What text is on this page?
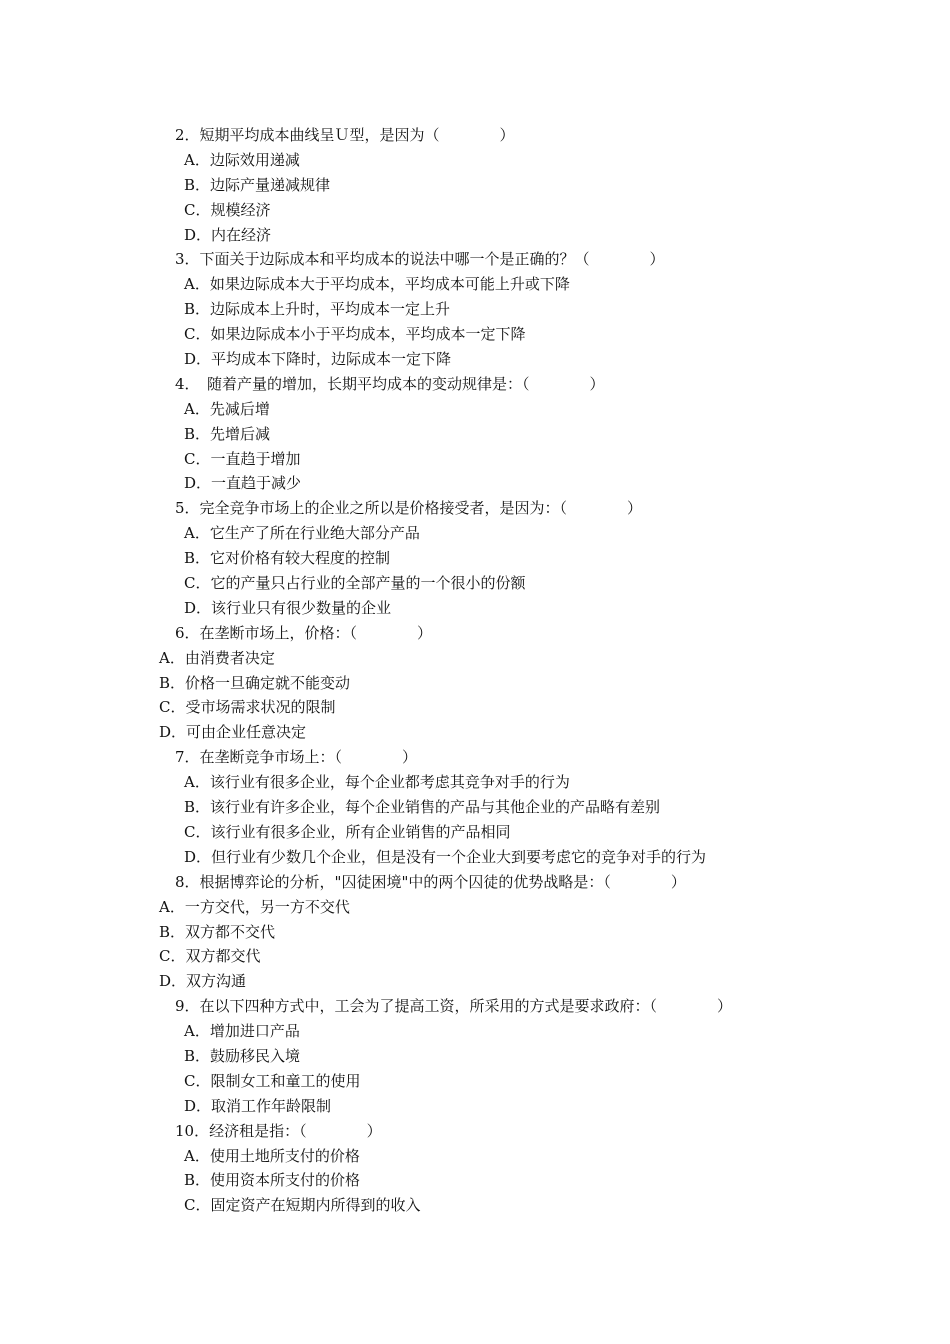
2．短期平均成本曲线呈Ｕ型，是因为（　　　　）
A．边际效用递减
B．边际产量递减规律
C．规模经济
D．内在经济
3．下面关于边际成本和平均成本的说法中哪一个是正确的？（　　　　）
A．如果边际成本大于平均成本，平均成本可能上升或下降
B．边际成本上升时，平均成本一定上升
C．如果边际成本小于平均成本，平均成本一定下降
D．平均成本下降时，边际成本一定下降
4．　随着产量的增加，长期平均成本的变动规律是：（　　　　）
A．先减后增
B．先增后减
C．一直趋于增加
D．一直趋于减少
5．完全竞争市场上的企业之所以是价格接受者，是因为：（　　　　）
A．它生产了所在行业绝大部分产品
B．它对价格有较大程度的控制
C．它的产量只占行业的全部产量的一个很小的份额
D．该行业只有很少数量的企业
6．在垄断市场上，价格：（　　　　）
A．由消费者决定
B．价格一旦确定就不能变动
C．受市场需求状况的限制
D．可由企业任意决定
7．在垄断竞争市场上：（　　　　）
A．该行业有很多企业，每个企业都考虑其竞争对手的行为
B．该行业有许多企业，每个企业销售的产品与其他企业的产品略有差别
C．该行业有很多企业，所有企业销售的产品相同
D．但行业有少数几个企业，但是没有一个企业大到要考虑它的竞争对手的行为
8．根据博弈论的分析，"囚徒困境"中的两个囚徒的优势战略是：（　　　　）
A．一方交代，另一方不交代
B．双方都不交代
C．双方都交代
D．双方沟通
9．在以下四种方式中，工会为了提高工资，所采用的方式是要求政府：（　　　　）
A．增加进口产品
B．鼓励移民入境
C．限制女工和童工的使用
D．取消工作年龄限制
10．经济租是指：（　　　　）
A．使用土地所支付的价格
B．使用资本所支付的价格
C．固定资产在短期内所得到的收入
